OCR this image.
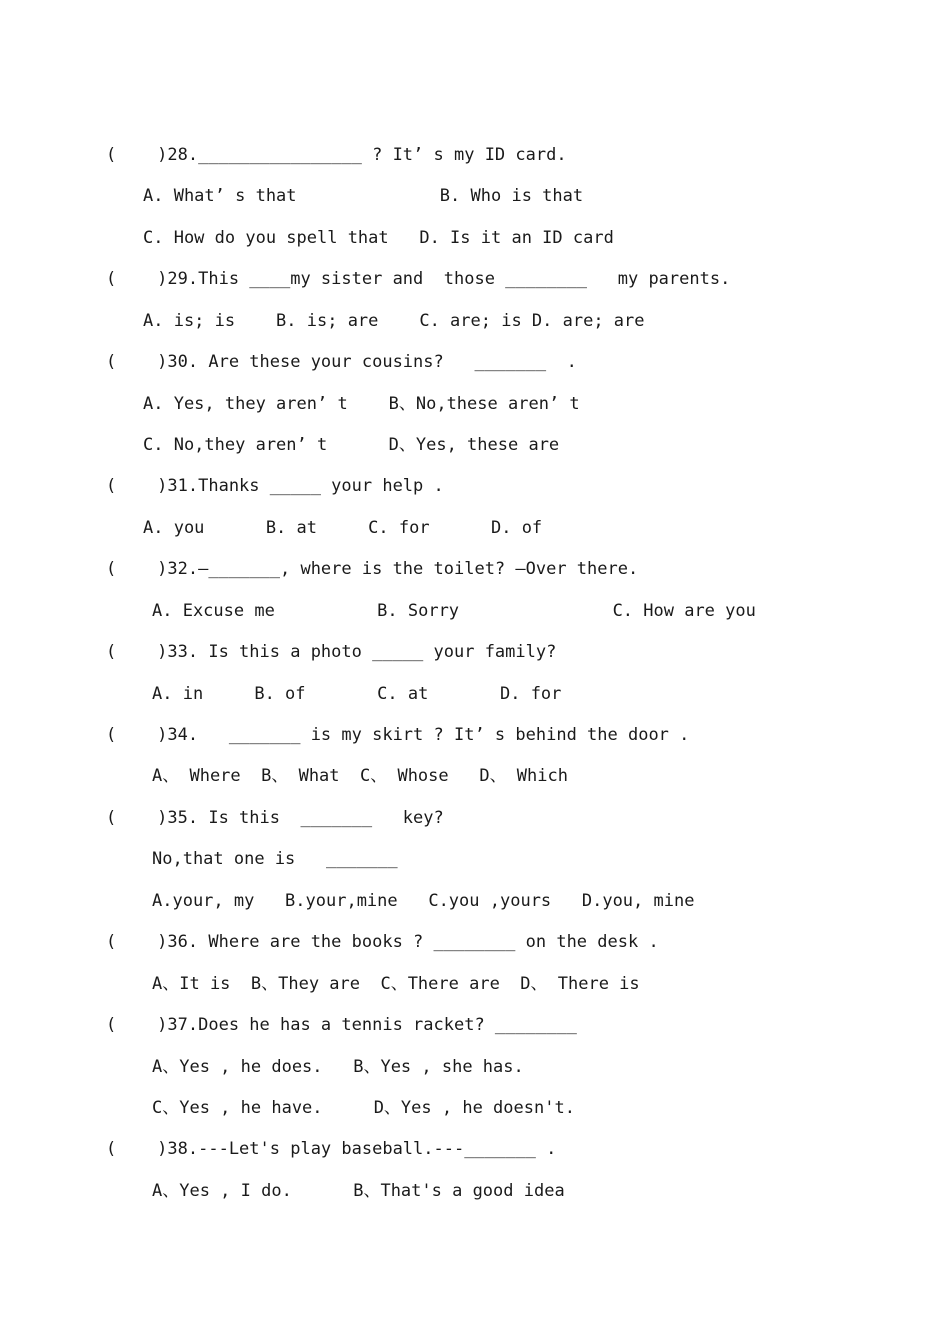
(    )28.________________ ? It’ s my ID card.
A. What’ s that              B. Who is that
C. How do you spell that   D. Is it an ID card
(    )29.This ____my sister and  those ________   my parents.
A. is; is    B. is; are    C. are; is D. are; are
(    )30. Are these your cousins?   _______  .
A. Yes, they aren’ t    B、No,these aren’ t
C. No,they aren’ t      D、Yes, these are
(    )31.Thanks _____ your help .
A. you      B. at     C. for      D. of
(    )32.—_______, where is the toilet? —Over there.
A. Excuse me          B. Sorry               C. How are you
(    )33. Is this a photo _____ your family?
A. in     B. of       C. at       D. for
(    )34.   _______ is my skirt ? It’ s behind the door .
A、 Where  B、 What  C、 Whose   D、 Which
(    )35. Is this  _______   key?
No,that one is   _______
A.your, my   B.your,mine   C.you ,yours   D.you, mine
(    )36. Where are the books ? ________ on the desk .
A、It is  B、They are  C、There are  D、 There is
(    )37.Does he has a tennis racket? ________
A、Yes , he does.   B、Yes , she has.
C、Yes , he have.     D、Yes , he doesn't.
(    )38.---Let's play baseball.---_______ .
A、Yes , I do.      B、That's a good idea
